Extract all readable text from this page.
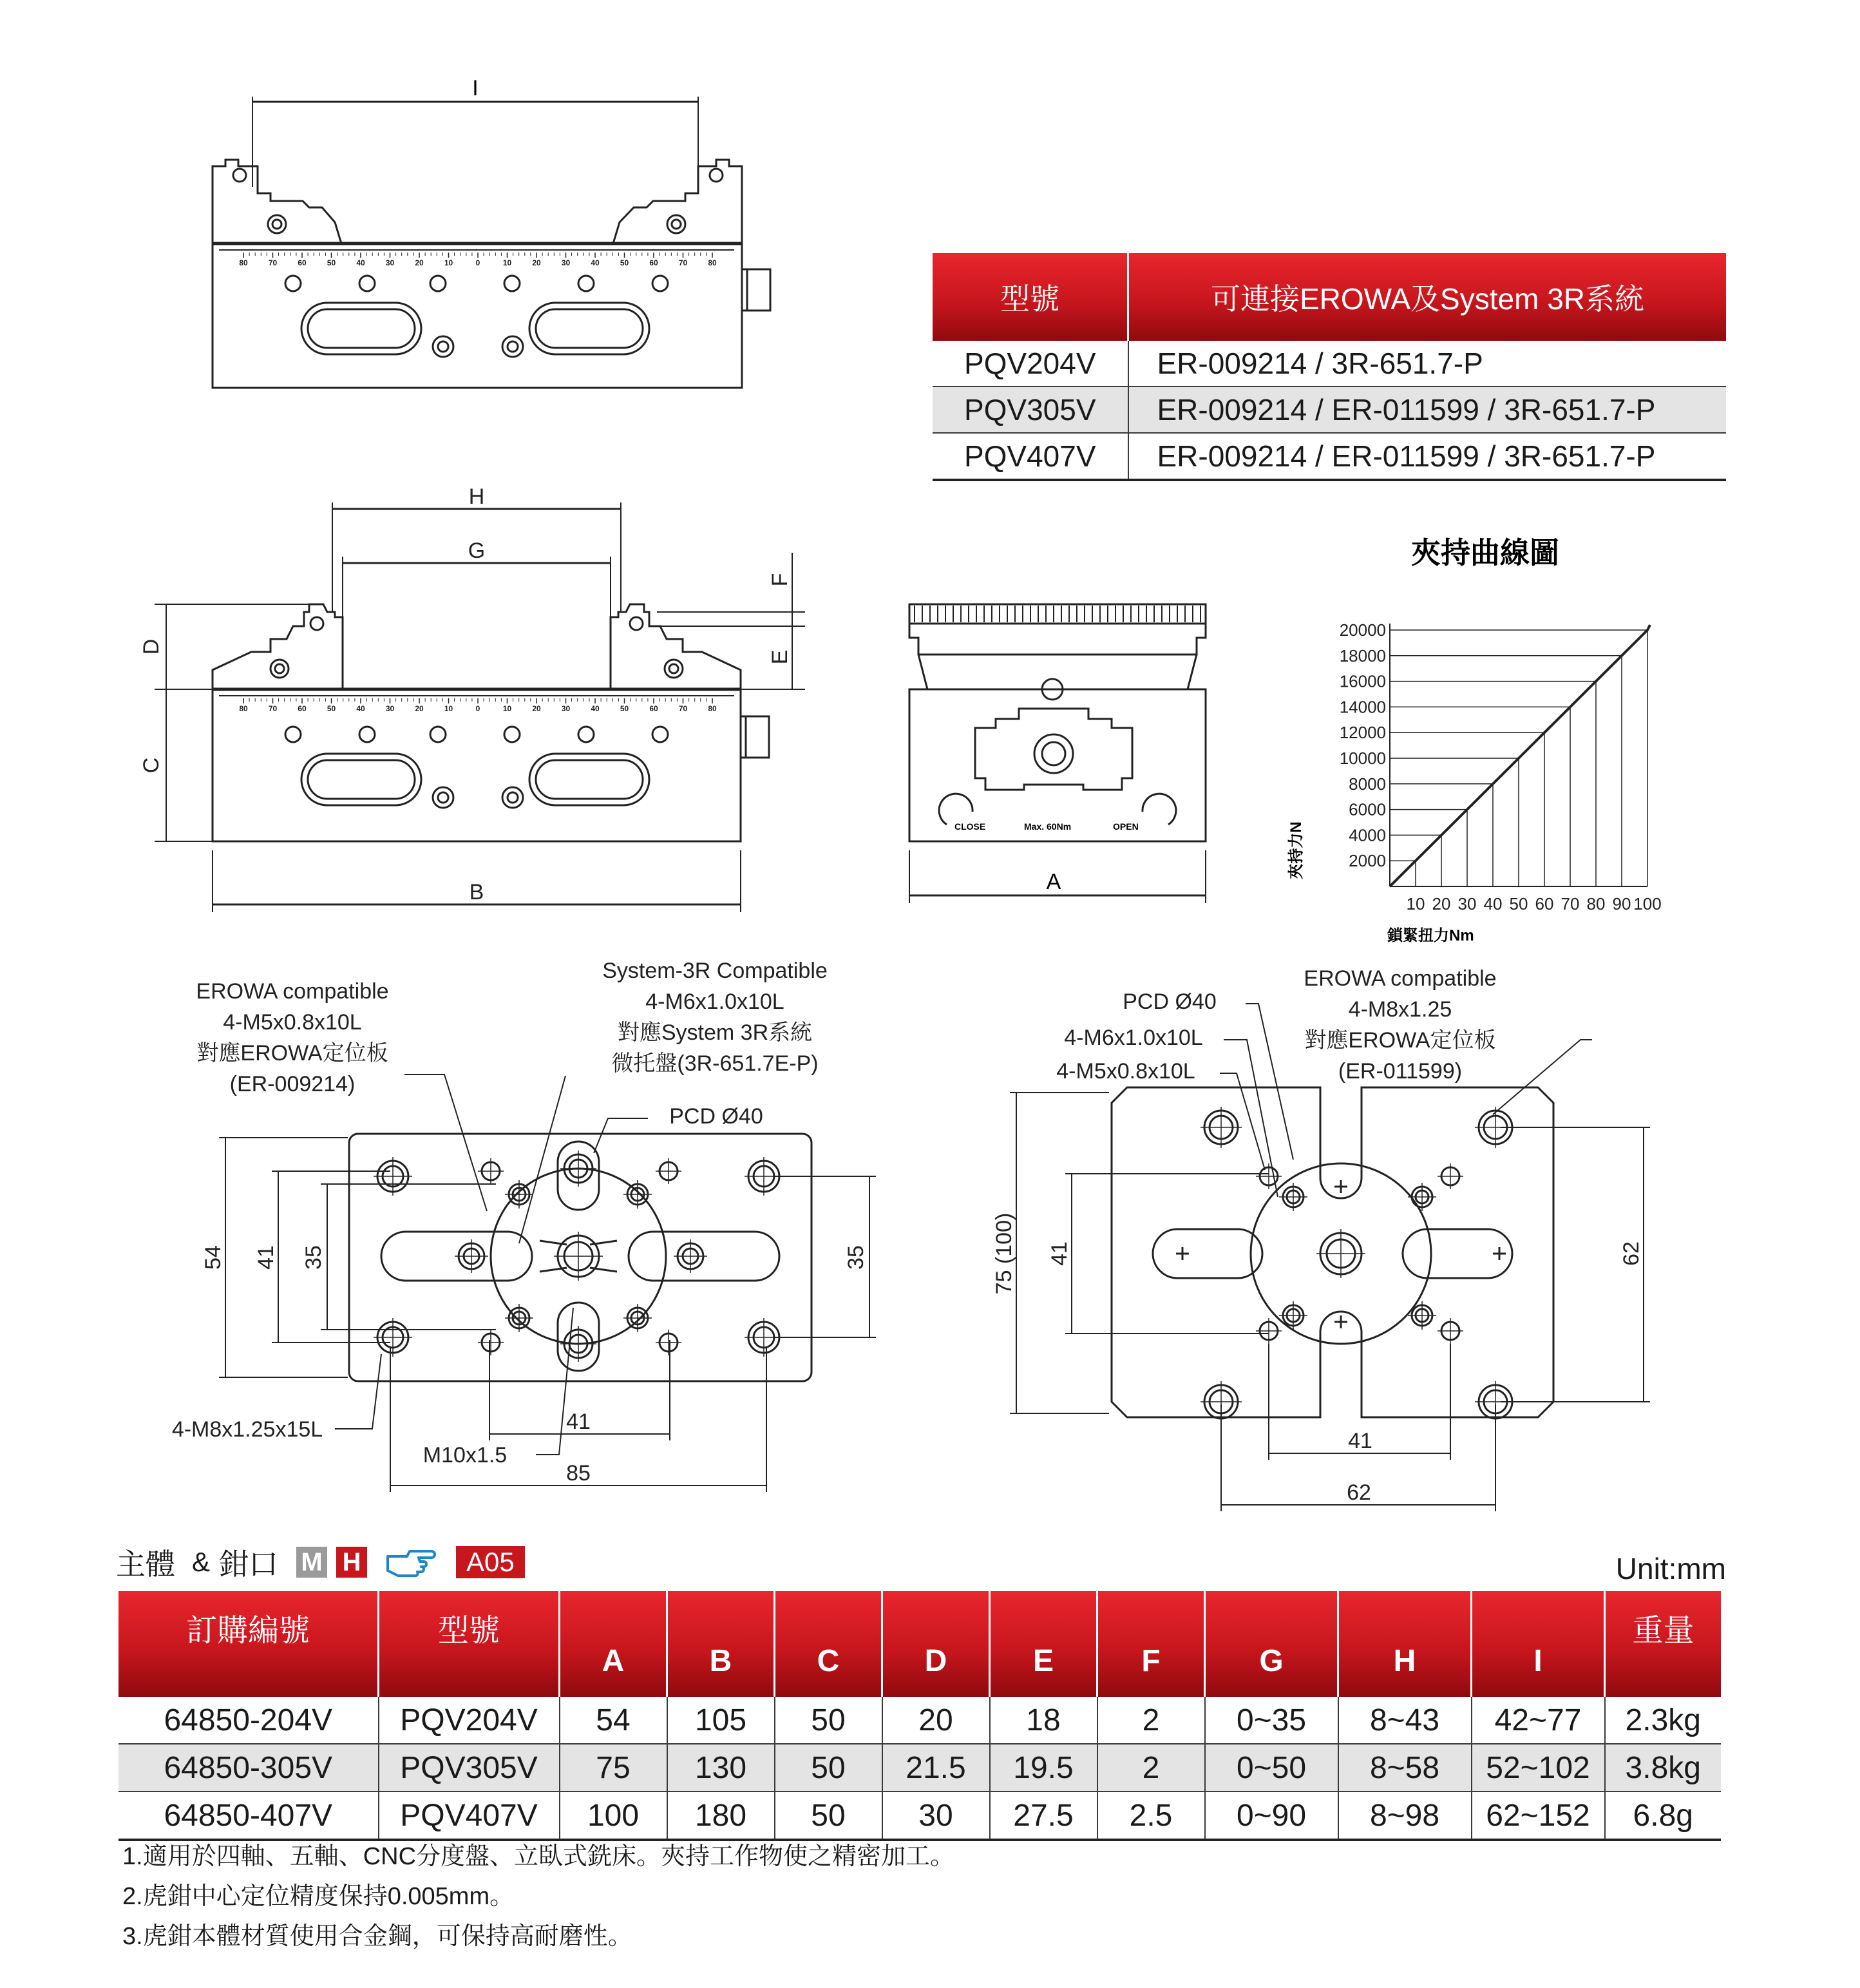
I
80	70	60	50	40	30	20	10	0	10	20	30	40	50	60	70	80
H
G
F
E
D
C
B
80	70	60	50	40	30	20	10	0	10	20	30	40	50	60	70	80
CLOSE	Max. 60Nm	OPEN
A
型號	可連接EROWA及System 3R系統
PQV204V	ER-009214 / 3R-651.7-P
PQV305V	ER-009214 / ER-011599 / 3R-651.7-P
PQV407V	ER-009214 / ER-011599 / 3R-651.7-P
夾持曲線圖
2000
4000
6000
8000
10000
12000
14000
16000
18000
20000
10 20 30 40 50 60 70 80 90 100
鎖緊扭力Nm
夾持力N
EROWA compatible
4-M5x0.8x10L
對應EROWA定位板
(ER-009214)
System-3R Compatible
4-M6x1.0x10L
對應System 3R系統
微托盤(3R-651.7E-P)
PCD Ø40
4-M8x1.25x15L
M10x1.5
41
85
54 41 35	35
PCD Ø40
4-M6x1.0x10L
4-M5x0.8x10L
EROWA compatible
4-M8x1.25
對應EROWA定位板
(ER-011599)
75 (100) 41	62
41
62
主體 & 鉗口 M H	A05	Unit:mm
訂購編號	型號	A	B	C	D	E	F	G	H	I	重量
64850-204V	PQV204V	54	105	50	20	18	2	0~35	8~43	42~77	2.3kg
64850-305V	PQV305V	75	130	50	21.5	19.5	2	0~50	8~58	52~102	3.8kg
64850-407V	PQV407V	100	180	50	30	27.5	2.5	0~90	8~98	62~152	6.8g
1.適用於四軸、五軸、CNC分度盤、立臥式銑床。夾持工作物使之精密加工。
2.虎鉗中心定位精度保持0.005mm。
3.虎鉗本體材質使用合金鋼，可保持高耐磨性。
